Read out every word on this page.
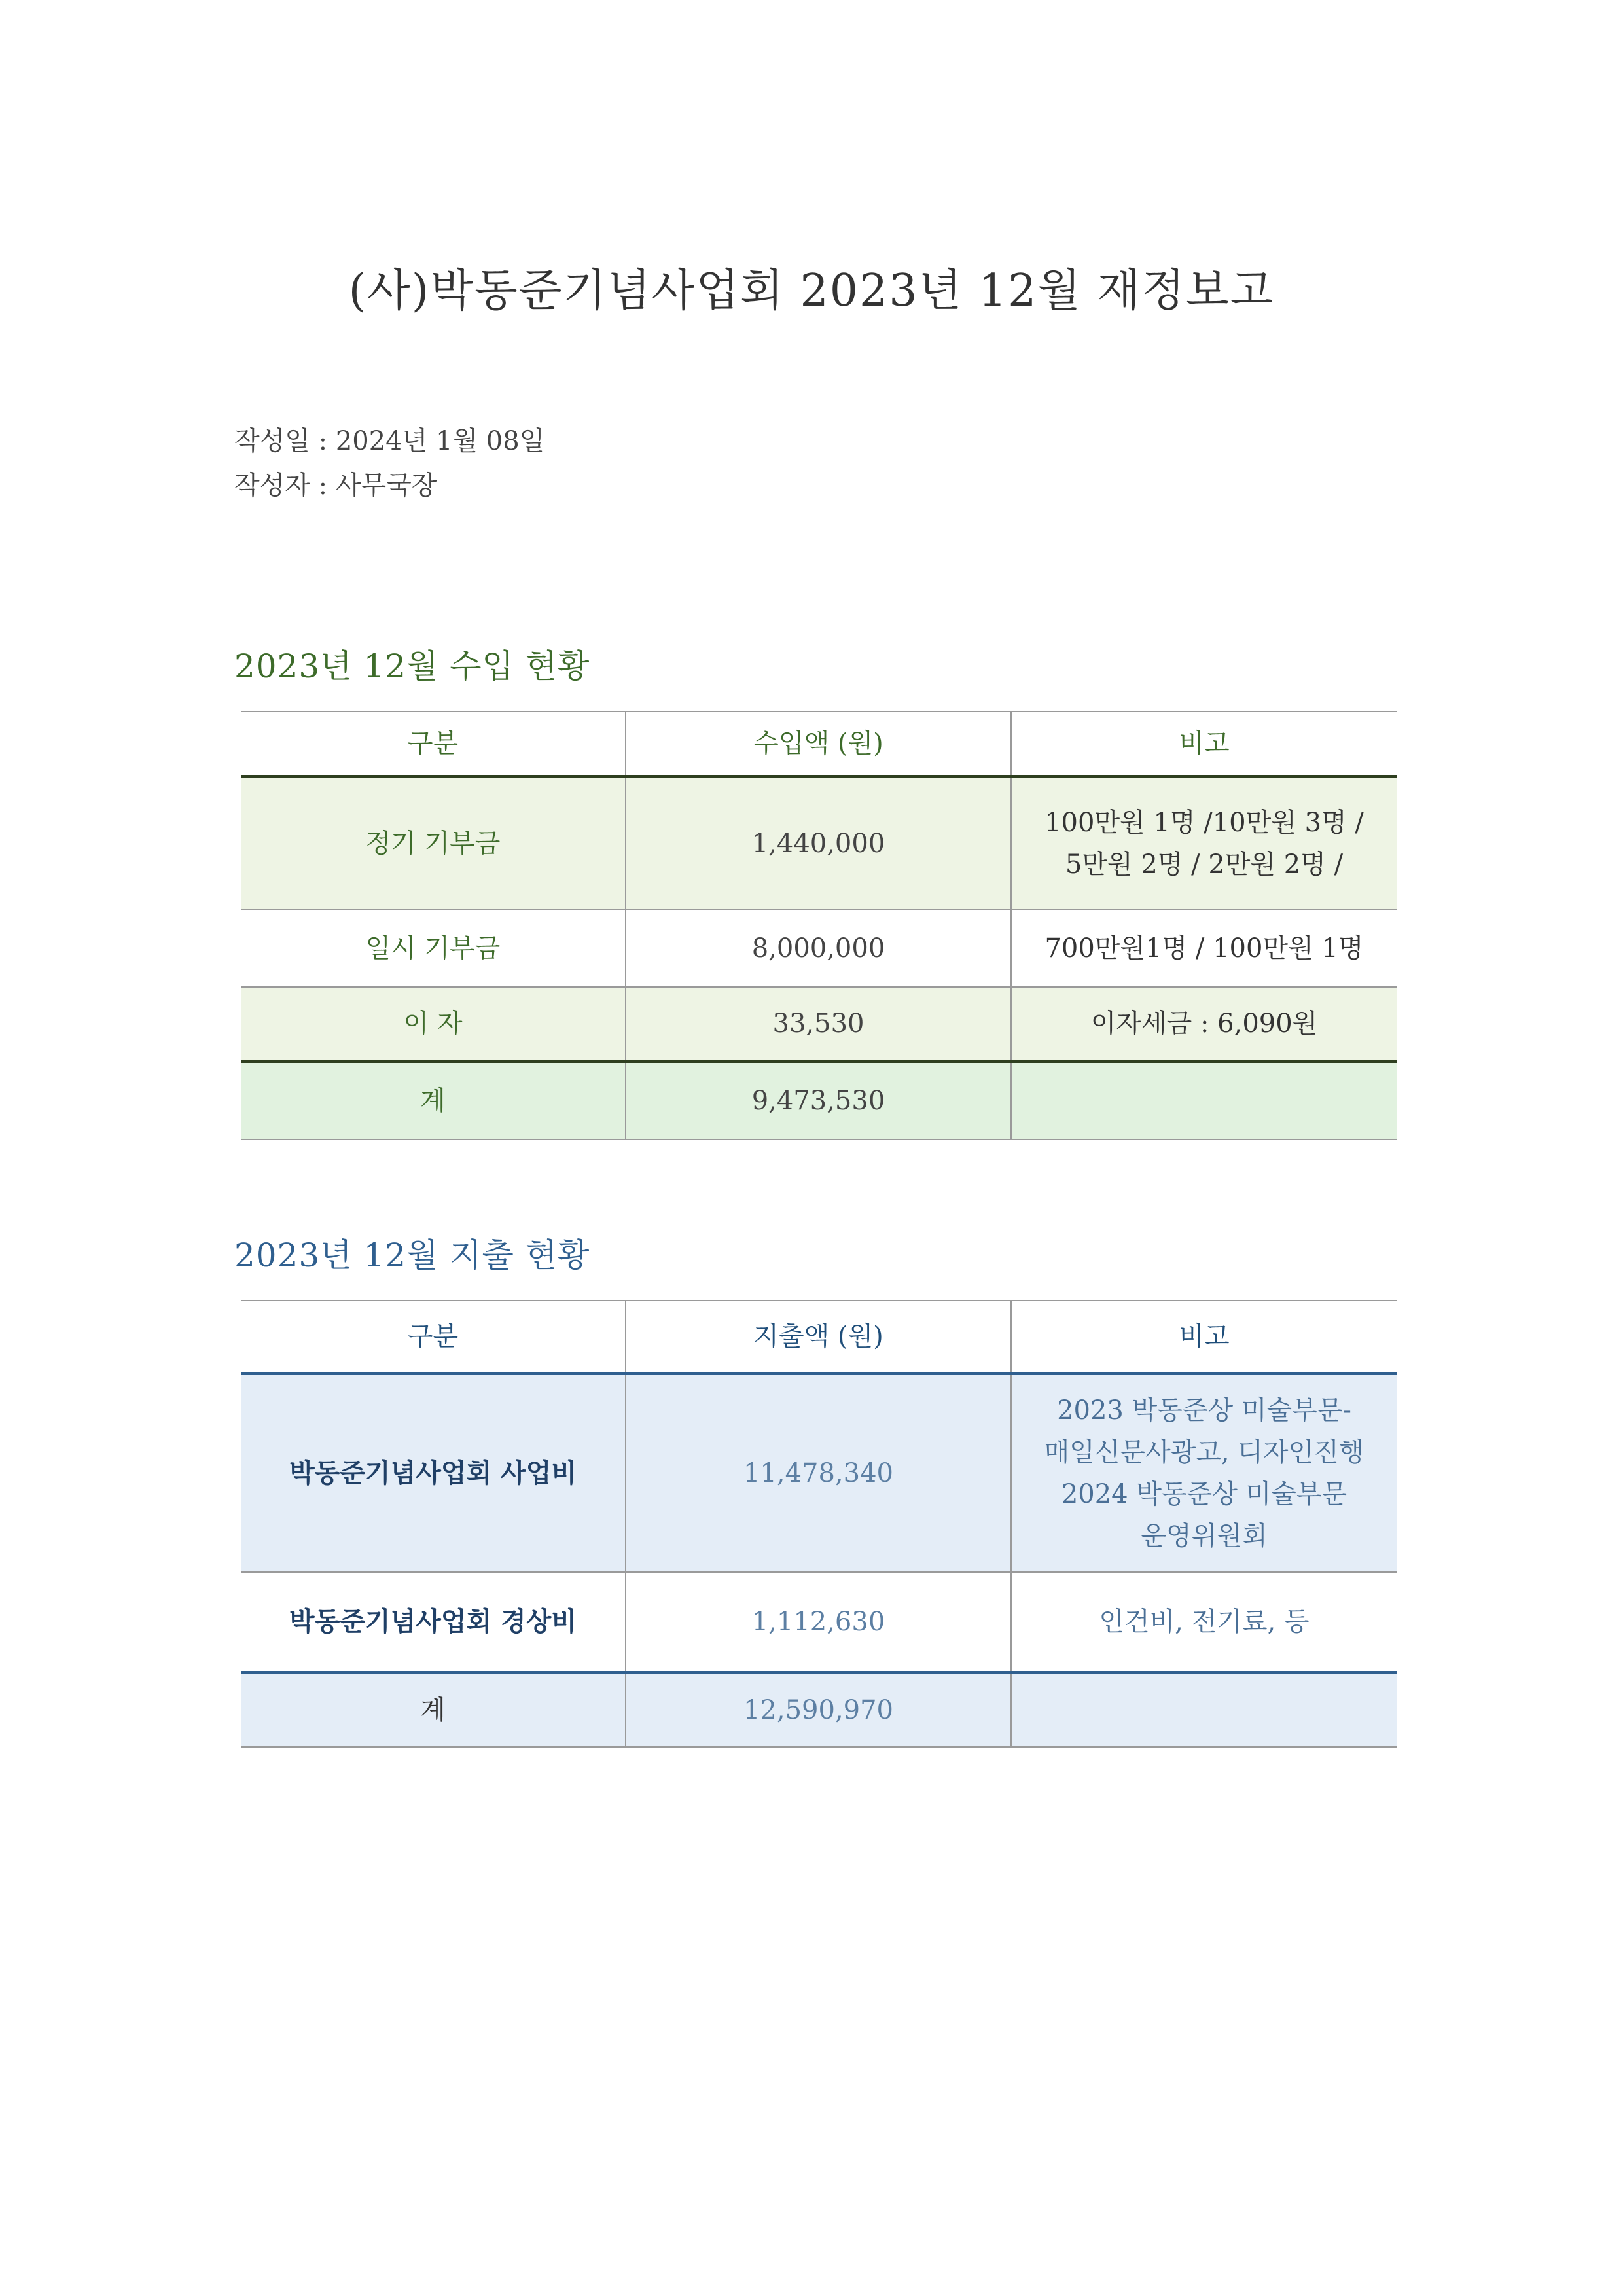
(사)박동준기념사업회 2023년 12월 재정보고
작성일 : 2024년 1월 08일
작성자 : 사무국장
2023년 12월 수입 현황
구분	수입액 (원)	비고
정기 기부금	1,440,000	100만원 1명 /10만원 3명 /
5만원 2명 / 2만원 2명 /

일시 기부금	8,000,000	700만원1명 / 100만원 1명
이 자	33,530	이자세금 : 6,090원
계	9,473,530	
2023년 12월 지출 현황
구분	지출액 (원)	비고
박동준기념사업회 사업비	11,478,340	2023 박동준상 미술부문-
매일신문사광고, 디자인진행
2024 박동준상 미술부문
운영위원회

박동준기념사업회 경상비	1,112,630	인건비, 전기료, 등
계	12,590,970	
